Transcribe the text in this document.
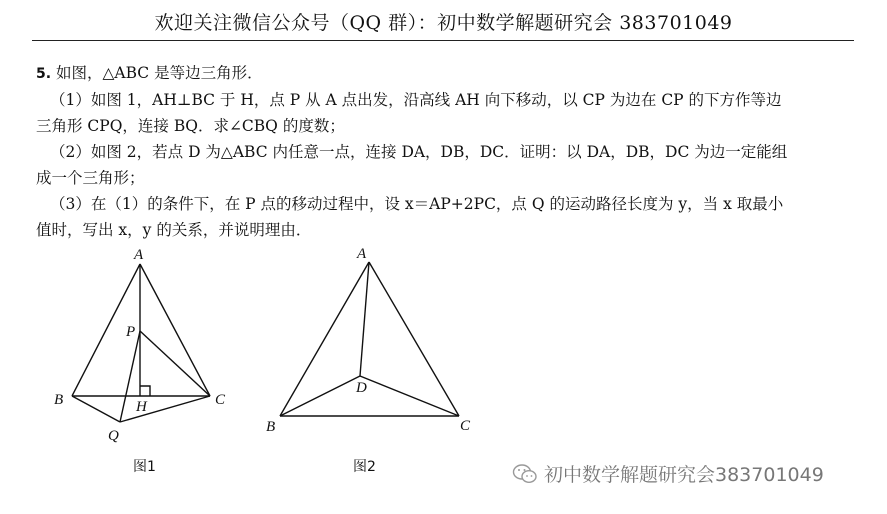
欢迎关注微信公众号（QQ 群）：初中数学解题研究会 383701049
5. 如图，△ABC 是等边三角形．
（1）如图 1，AH⊥BC 于 H，点 P 从 A 点出发，沿高线 AH 向下移动，以 CP 为边在 CP 的下方作等边
三角形 CPQ，连接 BQ．求∠CBQ 的度数；
（2）如图 2，若点 D 为△ABC 内任意一点，连接 DA，DB，DC．证明：以 DA，DB，DC 为边一定能组
成一个三角形；
（3）在（1）的条件下，在 P 点的移动过程中，设 x＝AP+2PC，点 Q 的运动路径长度为 y，当 x 取最小
值时，写出 x，y 的关系，并说明理由．
A
B	C
P
H
Q
图1
A
B	C
D
图2	初中数学解题研究会383701049
